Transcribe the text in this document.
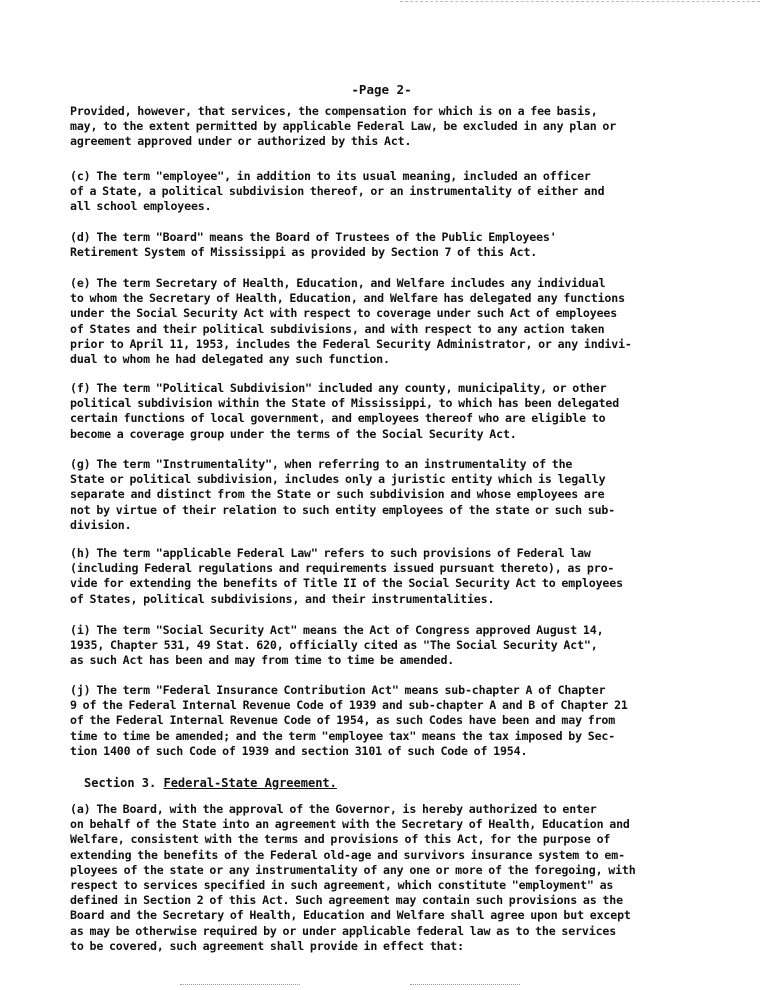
-Page 2-
Provided, however, that services, the compensation for which is on a fee basis,
may, to the extent permitted by applicable Federal Law, be excluded in any plan or
agreement approved under or authorized by this Act.
(c) The term "employee", in addition to its usual meaning, included an officer
of a State, a political subdivision thereof, or an instrumentality of either and
all school employees.
(d) The term "Board" means the Board of Trustees of the Public Employees'
Retirement System of Mississippi as provided by Section 7 of this Act.
(e) The term Secretary of Health, Education, and Welfare includes any individual
to whom the Secretary of Health, Education, and Welfare has delegated any functions
under the Social Security Act with respect to coverage under such Act of employees
of States and their political subdivisions, and with respect to any action taken
prior to April 11, 1953, includes the Federal Security Administrator, or any indivi-
dual to whom he had delegated any such function.
(f) The term "Political Subdivision" included any county, municipality, or other
political subdivision within the State of Mississippi, to which has been delegated
certain functions of local government, and employees thereof who are eligible to
become a coverage group under the terms of the Social Security Act.
(g) The term "Instrumentality", when referring to an instrumentality of the
State or political subdivision, includes only a juristic entity which is legally
separate and distinct from the State or such subdivision and whose employees are
not by virtue of their relation to such entity employees of the state or such sub-
division.
(h) The term "applicable Federal Law" refers to such provisions of Federal law
(including Federal regulations and requirements issued pursuant thereto), as pro-
vide for extending the benefits of Title II of the Social Security Act to employees
of States, political subdivisions, and their instrumentalities.
(i) The term "Social Security Act" means the Act of Congress approved August 14,
1935, Chapter 531, 49 Stat. 620, officially cited as "The Social Security Act",
as such Act has been and may from time to time be amended.
(j) The term "Federal Insurance Contribution Act" means sub-chapter A of Chapter
9 of the Federal Internal Revenue Code of 1939 and sub-chapter A and B of Chapter 21
of the Federal Internal Revenue Code of 1954, as such Codes have been and may from
time to time be amended; and the term "employee tax" means the tax imposed by Sec-
tion 1400 of such Code of 1939 and section 3101 of such Code of 1954.
Section 3. Federal-State Agreement.
(a) The Board, with the approval of the Governor, is hereby authorized to enter
on behalf of the State into an agreement with the Secretary of Health, Education and
Welfare, consistent with the terms and provisions of this Act, for the purpose of
extending the benefits of the Federal old-age and survivors insurance system to em-
ployees of the state or any instrumentality of any one or more of the foregoing, with
respect to services specified in such agreement, which constitute "employment" as
defined in Section 2 of this Act. Such agreement may contain such provisions as the
Board and the Secretary of Health, Education and Welfare shall agree upon but except
as may be otherwise required by or under applicable federal law as to the services
to be covered, such agreement shall provide in effect that:
